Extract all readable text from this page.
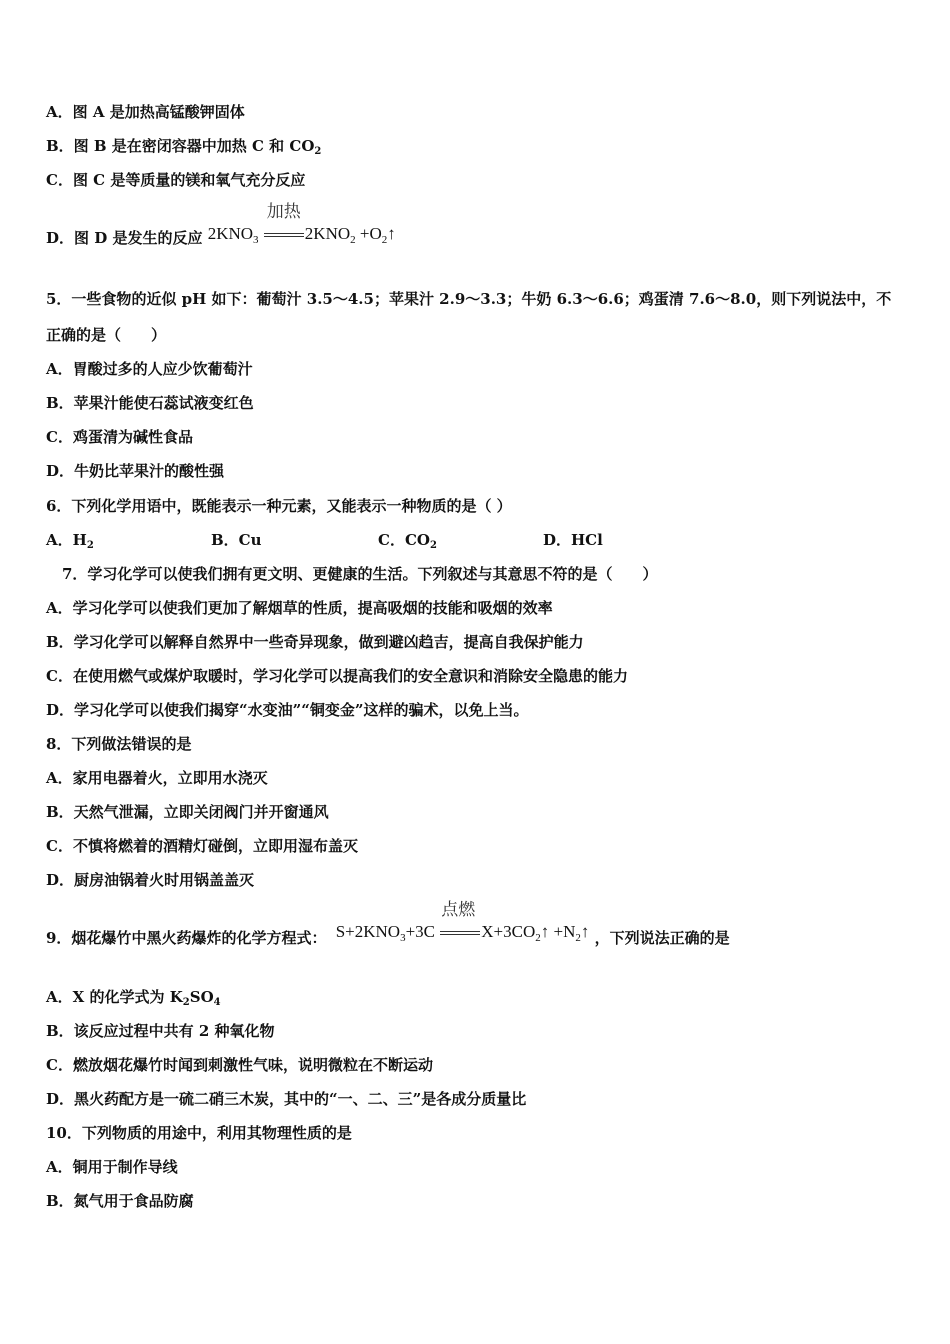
A．图 A 是加热高锰酸钾固体
B．图 B 是在密闭容器中加热 C 和 $CO_2$
C．图 C 是等质量的镁和氧气充分反应
D．图 D 是发生的反应 $2KNO_3$
加热
$2KNO_2$ $+O_2↑$
5．一些食物的近似 pH 如下：葡萄汁 3.5～4.5；苹果汁 2.9～3.3；牛奶 6.3～6.6；鸡蛋清 7.6～8.0，则下列说法中，不
正确的是（　　）
A．胃酸过多的人应少饮葡萄汁
B．苹果汁能使石蕊试液变红色
C．鸡蛋清为碱性食品
D．牛奶比苹果汁的酸性强
6．下列化学用语中，既能表示一种元素，又能表示一种物质的是（ ）
A．$H_2$	B．Cu	C．$CO_2$	D．HCl
7．学习化学可以使我们拥有更文明、更健康的生活。下列叙述与其意思不符的是（　　）
A．学习化学可以使我们更加了解烟草的性质，提高吸烟的技能和吸烟的效率
B．学习化学可以解释自然界中一些奇异现象，做到避凶趋吉，提高自我保护能力
C．在使用燃气或煤炉取暖时，学习化学可以提高我们的安全意识和消除安全隐患的能力
D．学习化学可以使我们揭穿“水变油”“铜变金”这样的骗术，以免上当。
8．下列做法错误的是
A．家用电器着火，立即用水浇灭
B．天然气泄漏，立即关闭阀门并开窗通风
C．不慎将燃着的酒精灯碰倒，立即用湿布盖灭
D．厨房油锅着火时用锅盖盖灭
9．烟花爆竹中黑火药爆炸的化学方程式： $S+2KNO_3+3C$
点燃
$X+3CO_2↑$ $+N_2↑$ ，下列说法正确的是
A．X 的化学式为 $K_2SO_4$
B．该反应过程中共有 2 种氧化物
C．燃放烟花爆竹时闻到刺激性气味，说明微粒在不断运动
D．黑火药配方是一硫二硝三木炭，其中的“一、二、三”是各成分质量比
10．下列物质的用途中，利用其物理性质的是
A．铜用于制作导线
B．氮气用于食品防腐
